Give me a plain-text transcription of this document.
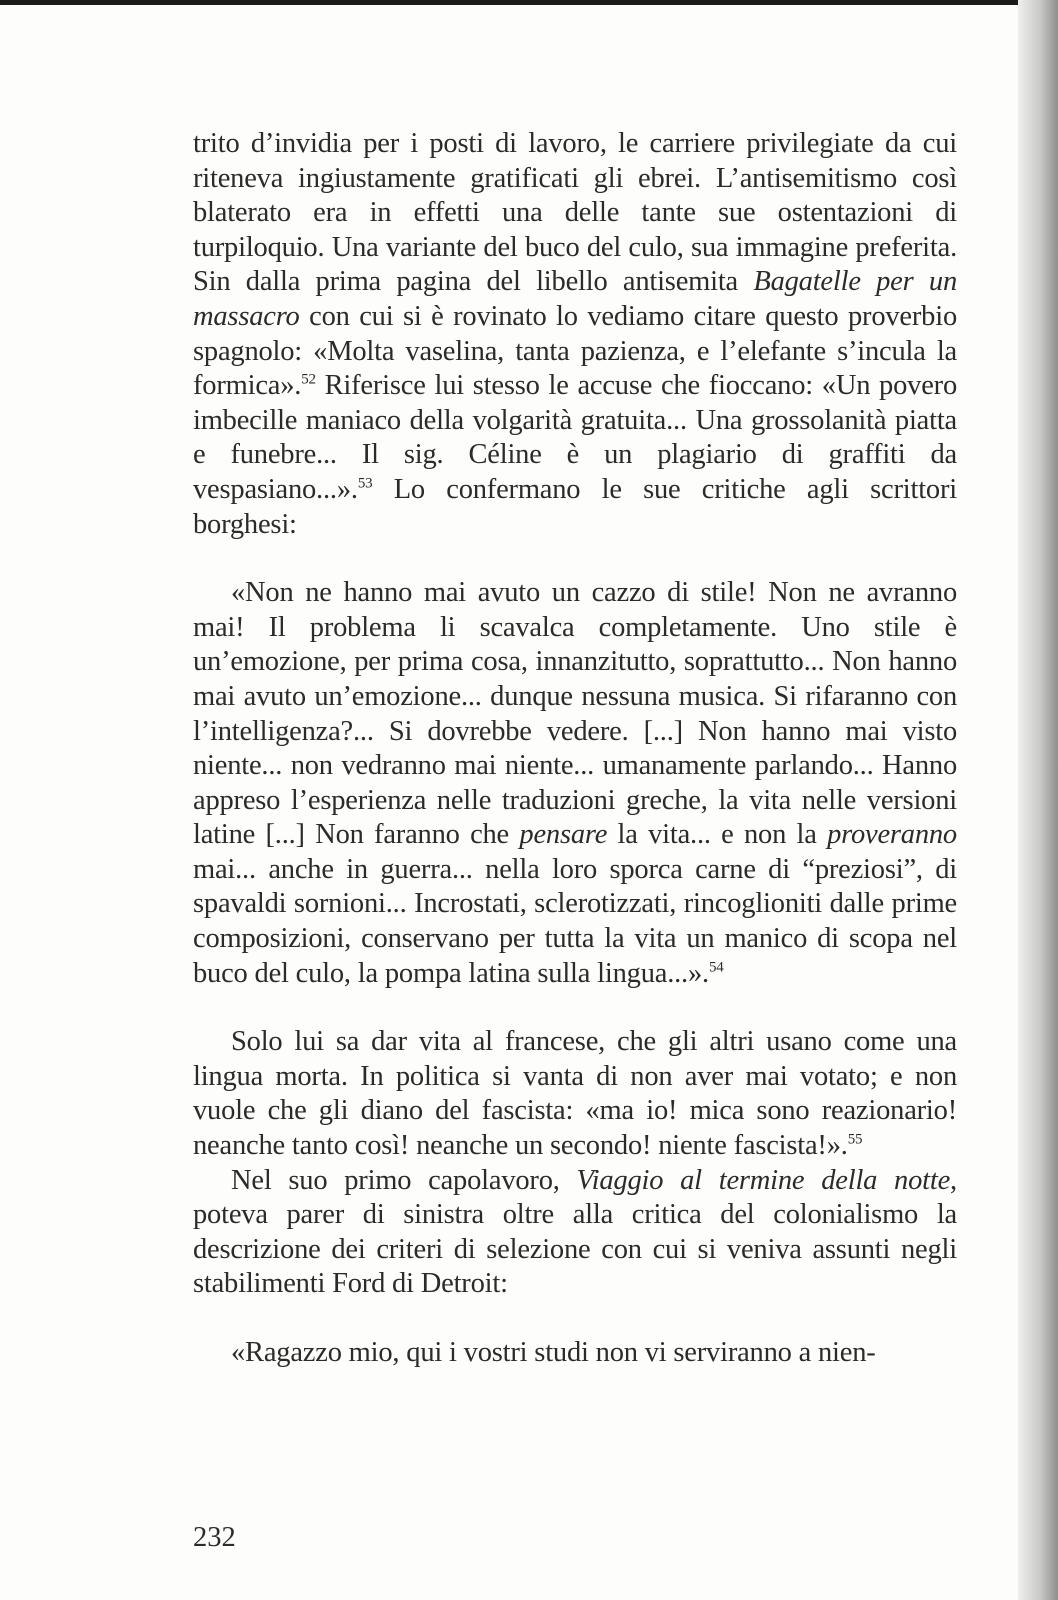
trito d’invidia per i posti di lavoro, le carriere privilegiate da cui riteneva ingiustamente gratificati gli ebrei. L’antisemitismo così blaterato era in effetti una delle tante sue ostentazioni di turpiloquio. Una variante del buco del culo, sua immagine preferita. Sin dalla prima pagina del libello antisemita Bagatelle per un massacro con cui si è rovinato lo vediamo citare questo proverbio spagnolo: «Molta vaselina, tanta pazienza, e l’elefante s’incula la formica».$^{52}$ Riferisce lui stesso le accuse che fioccano: «Un povero imbecille maniaco della volgarità gratuita... Una grossolanità piatta e funebre... Il sig. Céline è un plagiario di graffiti da vespasiano...».$^{53}$ Lo confermano le sue critiche agli scrittori borghesi:

«Non ne hanno mai avuto un cazzo di stile! Non ne avranno mai! Il problema li scavalca completamente. Uno stile è un’emozione, per prima cosa, innanzitutto, soprattutto... Non hanno mai avuto un’emozione... dunque nessuna musica. Si rifaranno con l’intelligenza?... Si dovrebbe vedere. [...] Non hanno mai visto niente... non vedranno mai niente... umanamente parlando... Hanno appreso l’esperienza nelle traduzioni greche, la vita nelle versioni latine [...] Non faranno che pensare la vita... e non la proveranno mai... anche in guerra... nella loro sporca carne di “preziosi”, di spavaldi sornioni... Incrostati, sclerotizzati, rincoglioniti dalle prime composizioni, conservano per tutta la vita un manico di scopa nel buco del culo, la pompa latina sulla lingua...».$^{54}$

Solo lui sa dar vita al francese, che gli altri usano come una lingua morta. In politica si vanta di non aver mai votato; e non vuole che gli diano del fascista: «ma io! mica sono reazionario! neanche tanto così! neanche un secondo! niente fascista!».$^{55}$

Nel suo primo capolavoro, Viaggio al termine della notte, poteva parer di sinistra oltre alla critica del colonialismo la descrizione dei criteri di selezione con cui si veniva assunti negli stabilimenti Ford di Detroit:

«Ragazzo mio, qui i vostri studi non vi serviranno a nien-

232
